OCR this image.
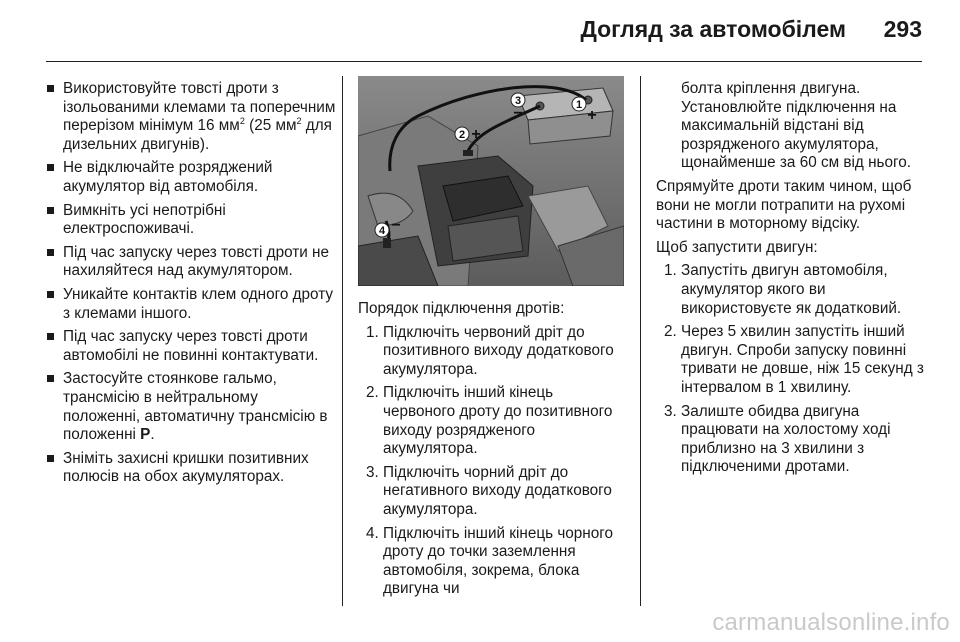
Догляд за автомобілем 293
Використовуйте товсті дроти з ізольованими клемами та поперечним перерізом мінімум 16 $мм^2$ (25 $мм^2$ для дизельних двигунів).
Не відключайте розряджений акумулятор від автомобіля.
Вимкніть усі непотрібні електроспоживачі.
Під час запуску через товсті дроти не нахиляйтеся над акумулятором.
Уникайте контактів клем одного дроту з клемами іншого.
Під час запуску через товсті дроти автомобілі не повинні контактувати.
Застосуйте стоянкове гальмо, трансмісію в нейтральному положенні, автоматичну трансмісію в положенні P.
Зніміть захисні кришки позитивних полюсів на обох акумуляторах.
1
+
2 +
3
−
4 −
Порядок підключення дротів:
1. Підключіть червоний дріт до позитивного виходу додаткового акумулятора.
2. Підключіть інший кінець червоного дроту до позитивного виходу розрядженого акумулятора.
3. Підключіть чорний дріт до негативного виходу додаткового акумулятора.
4. Підключіть інший кінець чорного дроту до точки заземлення автомобіля, зокрема, блока двигуна чи
болта кріплення двигуна. Установлюйте підключення на максимальній відстані від розрядженого акумулятора, щонайменше за 60 см від нього.
Спрямуйте дроти таким чином, щоб вони не могли потрапити на рухомі частини в моторному відсіку.
Щоб запустити двигун:
1. Запустіть двигун автомобіля, акумулятор якого ви використовуєте як додатковий.
2. Через 5 хвилин запустіть інший двигун. Спроби запуску повинні тривати не довше, ніж 15 секунд з інтервалом в 1 хвилину.
3. Залиште обидва двигуна працювати на холостому ході приблизно на 3 хвилини з підключеними дротами.
carmanualsonline.info
